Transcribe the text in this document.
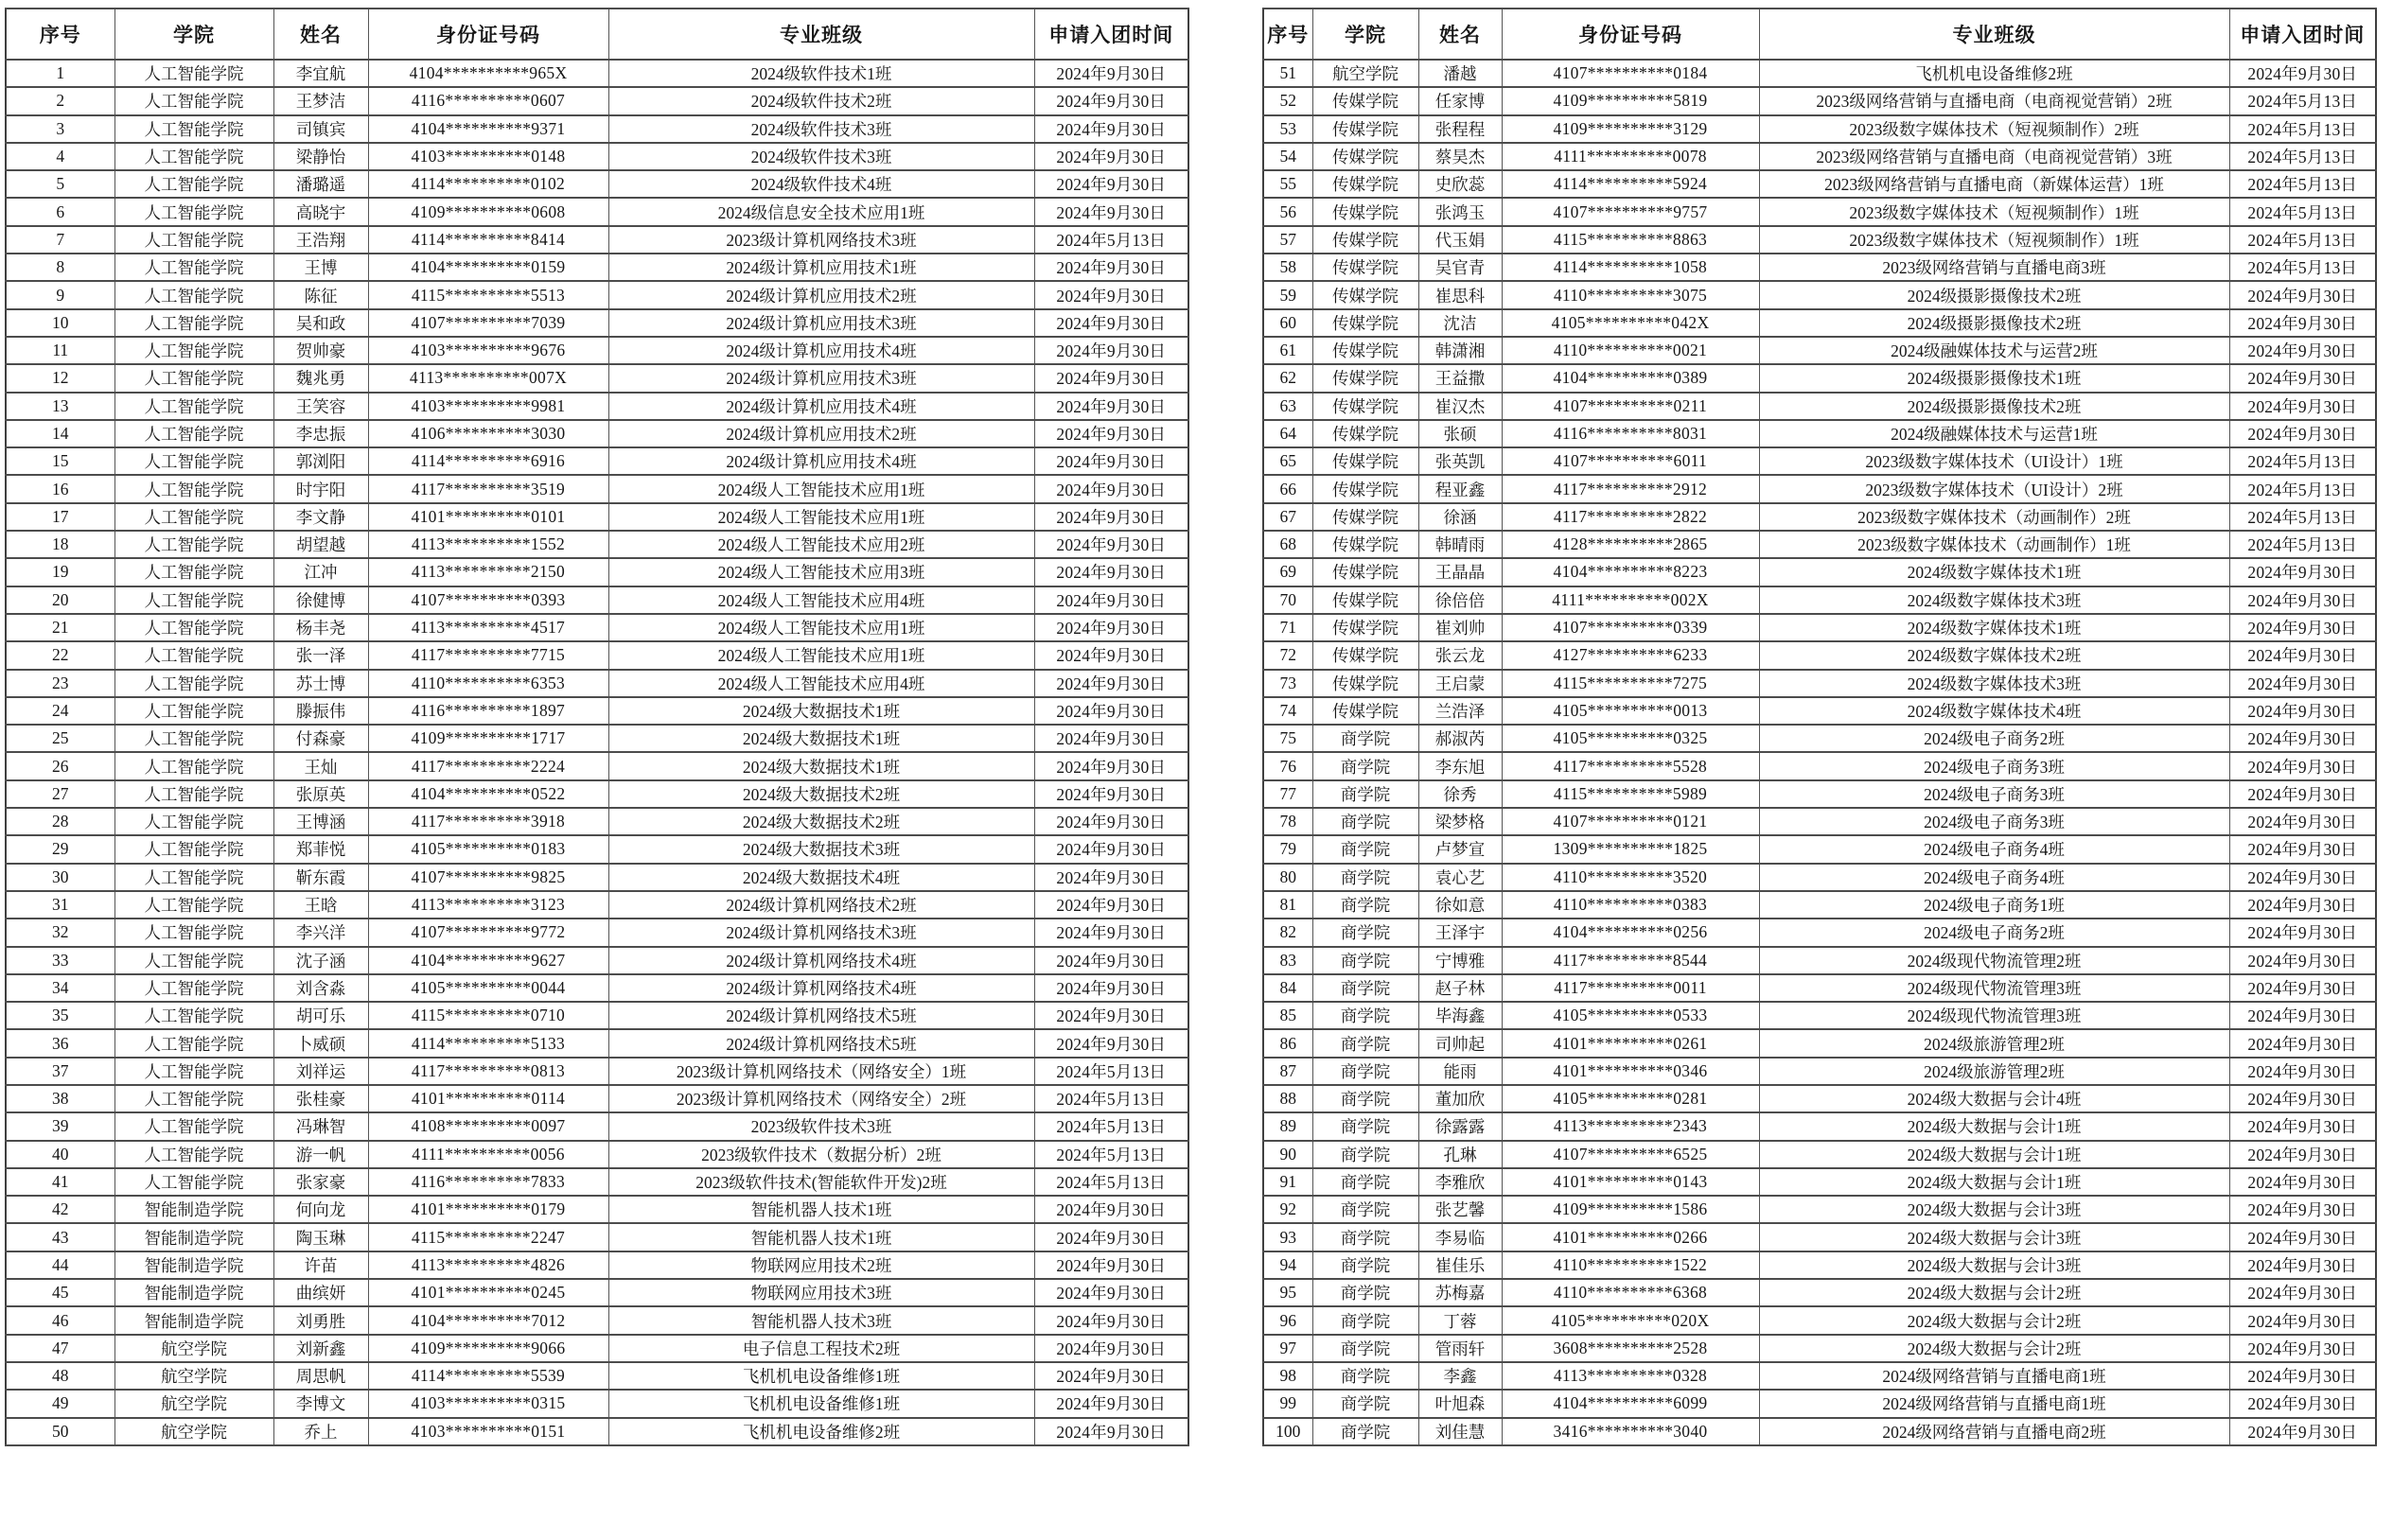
序号	学院	姓名	身份证号码	专业班级	申请入团时间
1	人工智能学院	李宜航	4104**********965X	2024级软件技术1班	2024年9月30日
2	人工智能学院	王梦洁	4116**********0607	2024级软件技术2班	2024年9月30日
3	人工智能学院	司镇宾	4104**********9371	2024级软件技术3班	2024年9月30日
4	人工智能学院	梁静怡	4103**********0148	2024级软件技术3班	2024年9月30日
5	人工智能学院	潘璐遥	4114**********0102	2024级软件技术4班	2024年9月30日
6	人工智能学院	高晓宇	4109**********0608	2024级信息安全技术应用1班	2024年9月30日
7	人工智能学院	王浩翔	4114**********8414	2023级计算机网络技术3班	2024年5月13日
8	人工智能学院	王博	4104**********0159	2024级计算机应用技术1班	2024年9月30日
9	人工智能学院	陈征	4115**********5513	2024级计算机应用技术2班	2024年9月30日
10	人工智能学院	吴和政	4107**********7039	2024级计算机应用技术3班	2024年9月30日
11	人工智能学院	贺帅豪	4103**********9676	2024级计算机应用技术4班	2024年9月30日
12	人工智能学院	魏兆勇	4113**********007X	2024级计算机应用技术3班	2024年9月30日
13	人工智能学院	王笑容	4103**********9981	2024级计算机应用技术4班	2024年9月30日
14	人工智能学院	李忠振	4106**********3030	2024级计算机应用技术2班	2024年9月30日
15	人工智能学院	郭浏阳	4114**********6916	2024级计算机应用技术4班	2024年9月30日
16	人工智能学院	时宇阳	4117**********3519	2024级人工智能技术应用1班	2024年9月30日
17	人工智能学院	李文静	4101**********0101	2024级人工智能技术应用1班	2024年9月30日
18	人工智能学院	胡望越	4113**********1552	2024级人工智能技术应用2班	2024年9月30日
19	人工智能学院	江冲	4113**********2150	2024级人工智能技术应用3班	2024年9月30日
20	人工智能学院	徐健博	4107**********0393	2024级人工智能技术应用4班	2024年9月30日
21	人工智能学院	杨丰尧	4113**********4517	2024级人工智能技术应用1班	2024年9月30日
22	人工智能学院	张一泽	4117**********7715	2024级人工智能技术应用1班	2024年9月30日
23	人工智能学院	苏士博	4110**********6353	2024级人工智能技术应用4班	2024年9月30日
24	人工智能学院	滕振伟	4116**********1897	2024级大数据技术1班	2024年9月30日
25	人工智能学院	付森豪	4109**********1717	2024级大数据技术1班	2024年9月30日
26	人工智能学院	王灿	4117**********2224	2024级大数据技术1班	2024年9月30日
27	人工智能学院	张原英	4104**********0522	2024级大数据技术2班	2024年9月30日
28	人工智能学院	王博涵	4117**********3918	2024级大数据技术2班	2024年9月30日
29	人工智能学院	郑菲悦	4105**********0183	2024级大数据技术3班	2024年9月30日
30	人工智能学院	靳东霞	4107**********9825	2024级大数据技术4班	2024年9月30日
31	人工智能学院	王晗	4113**********3123	2024级计算机网络技术2班	2024年9月30日
32	人工智能学院	李兴洋	4107**********9772	2024级计算机网络技术3班	2024年9月30日
33	人工智能学院	沈子涵	4104**********9627	2024级计算机网络技术4班	2024年9月30日
34	人工智能学院	刘含淼	4105**********0044	2024级计算机网络技术4班	2024年9月30日
35	人工智能学院	胡可乐	4115**********0710	2024级计算机网络技术5班	2024年9月30日
36	人工智能学院	卜威硕	4114**********5133	2024级计算机网络技术5班	2024年9月30日
37	人工智能学院	刘祥运	4117**********0813	2023级计算机网络技术（网络安全）1班	2024年5月13日
38	人工智能学院	张桂豪	4101**********0114	2023级计算机网络技术（网络安全）2班	2024年5月13日
39	人工智能学院	冯琳智	4108**********0097	2023级软件技术3班	2024年5月13日
40	人工智能学院	游一帆	4111**********0056	2023级软件技术（数据分析）2班	2024年5月13日
41	人工智能学院	张家豪	4116**********7833	2023级软件技术(智能软件开发)2班	2024年5月13日
42	智能制造学院	何向龙	4101**********0179	智能机器人技术1班	2024年9月30日
43	智能制造学院	陶玉琳	4115**********2247	智能机器人技术1班	2024年9月30日
44	智能制造学院	许苗	4113**********4826	物联网应用技术2班	2024年9月30日
45	智能制造学院	曲缤妍	4101**********0245	物联网应用技术3班	2024年9月30日
46	智能制造学院	刘勇胜	4104**********7012	智能机器人技术3班	2024年9月30日
47	航空学院	刘新鑫	4109**********9066	电子信息工程技术2班	2024年9月30日
48	航空学院	周思帆	4114**********5539	飞机机电设备维修1班	2024年9月30日
49	航空学院	李博文	4103**********0315	飞机机电设备维修1班	2024年9月30日
50	航空学院	乔上	4103**********0151	飞机机电设备维修2班	2024年9月30日
序号	学院	姓名	身份证号码	专业班级	申请入团时间
51	航空学院	潘越	4107**********0184	飞机机电设备维修2班	2024年9月30日
52	传媒学院	任家博	4109**********5819	2023级网络营销与直播电商（电商视觉营销）2班	2024年5月13日
53	传媒学院	张程程	4109**********3129	2023级数字媒体技术（短视频制作）2班	2024年5月13日
54	传媒学院	蔡昊杰	4111**********0078	2023级网络营销与直播电商（电商视觉营销）3班	2024年5月13日
55	传媒学院	史欣蕊	4114**********5924	2023级网络营销与直播电商（新媒体运营）1班	2024年5月13日
56	传媒学院	张鸿玉	4107**********9757	2023级数字媒体技术（短视频制作）1班	2024年5月13日
57	传媒学院	代玉娟	4115**********8863	2023级数字媒体技术（短视频制作）1班	2024年5月13日
58	传媒学院	吴官青	4114**********1058	2023级网络营销与直播电商3班	2024年5月13日
59	传媒学院	崔思科	4110**********3075	2024级摄影摄像技术2班	2024年9月30日
60	传媒学院	沈洁	4105**********042X	2024级摄影摄像技术2班	2024年9月30日
61	传媒学院	韩潇湘	4110**********0021	2024级融媒体技术与运营2班	2024年9月30日
62	传媒学院	王益撒	4104**********0389	2024级摄影摄像技术1班	2024年9月30日
63	传媒学院	崔汉杰	4107**********0211	2024级摄影摄像技术2班	2024年9月30日
64	传媒学院	张硕	4116**********8031	2024级融媒体技术与运营1班	2024年9月30日
65	传媒学院	张英凯	4107**********6011	2023级数字媒体技术（UI设计）1班	2024年5月13日
66	传媒学院	程亚鑫	4117**********2912	2023级数字媒体技术（UI设计）2班	2024年5月13日
67	传媒学院	徐涵	4117**********2822	2023级数字媒体技术（动画制作）2班	2024年5月13日
68	传媒学院	韩晴雨	4128**********2865	2023级数字媒体技术（动画制作）1班	2024年5月13日
69	传媒学院	王晶晶	4104**********8223	2024级数字媒体技术1班	2024年9月30日
70	传媒学院	徐倍倍	4111**********002X	2024级数字媒体技术3班	2024年9月30日
71	传媒学院	崔刘帅	4107**********0339	2024级数字媒体技术1班	2024年9月30日
72	传媒学院	张云龙	4127**********6233	2024级数字媒体技术2班	2024年9月30日
73	传媒学院	王启蒙	4115**********7275	2024级数字媒体技术3班	2024年9月30日
74	传媒学院	兰浩泽	4105**********0013	2024级数字媒体技术4班	2024年9月30日
75	商学院	郝淑芮	4105**********0325	2024级电子商务2班	2024年9月30日
76	商学院	李东旭	4117**********5528	2024级电子商务3班	2024年9月30日
77	商学院	徐秀	4115**********5989	2024级电子商务3班	2024年9月30日
78	商学院	梁梦格	4107**********0121	2024级电子商务3班	2024年9月30日
79	商学院	卢梦宣	1309**********1825	2024级电子商务4班	2024年9月30日
80	商学院	袁心艺	4110**********3520	2024级电子商务4班	2024年9月30日
81	商学院	徐如意	4110**********0383	2024级电子商务1班	2024年9月30日
82	商学院	王泽宇	4104**********0256	2024级电子商务2班	2024年9月30日
83	商学院	宁博雅	4117**********8544	2024级现代物流管理2班	2024年9月30日
84	商学院	赵子林	4117**********0011	2024级现代物流管理3班	2024年9月30日
85	商学院	毕海鑫	4105**********0533	2024级现代物流管理3班	2024年9月30日
86	商学院	司帅起	4101**********0261	2024级旅游管理2班	2024年9月30日
87	商学院	能雨	4101**********0346	2024级旅游管理2班	2024年9月30日
88	商学院	董加欣	4105**********0281	2024级大数据与会计4班	2024年9月30日
89	商学院	徐露露	4113**********2343	2024级大数据与会计1班	2024年9月30日
90	商学院	孔琳	4107**********6525	2024级大数据与会计1班	2024年9月30日
91	商学院	李雅欣	4101**********0143	2024级大数据与会计1班	2024年9月30日
92	商学院	张艺馨	4109**********1586	2024级大数据与会计3班	2024年9月30日
93	商学院	李易临	4101**********0266	2024级大数据与会计3班	2024年9月30日
94	商学院	崔佳乐	4110**********1522	2024级大数据与会计3班	2024年9月30日
95	商学院	苏梅嘉	4110**********6368	2024级大数据与会计2班	2024年9月30日
96	商学院	丁蓉	4105**********020X	2024级大数据与会计2班	2024年9月30日
97	商学院	管雨轩	3608**********2528	2024级大数据与会计2班	2024年9月30日
98	商学院	李鑫	4113**********0328	2024级网络营销与直播电商1班	2024年9月30日
99	商学院	叶旭森	4104**********6099	2024级网络营销与直播电商1班	2024年9月30日
100	商学院	刘佳慧	3416**********3040	2024级网络营销与直播电商2班	2024年9月30日
